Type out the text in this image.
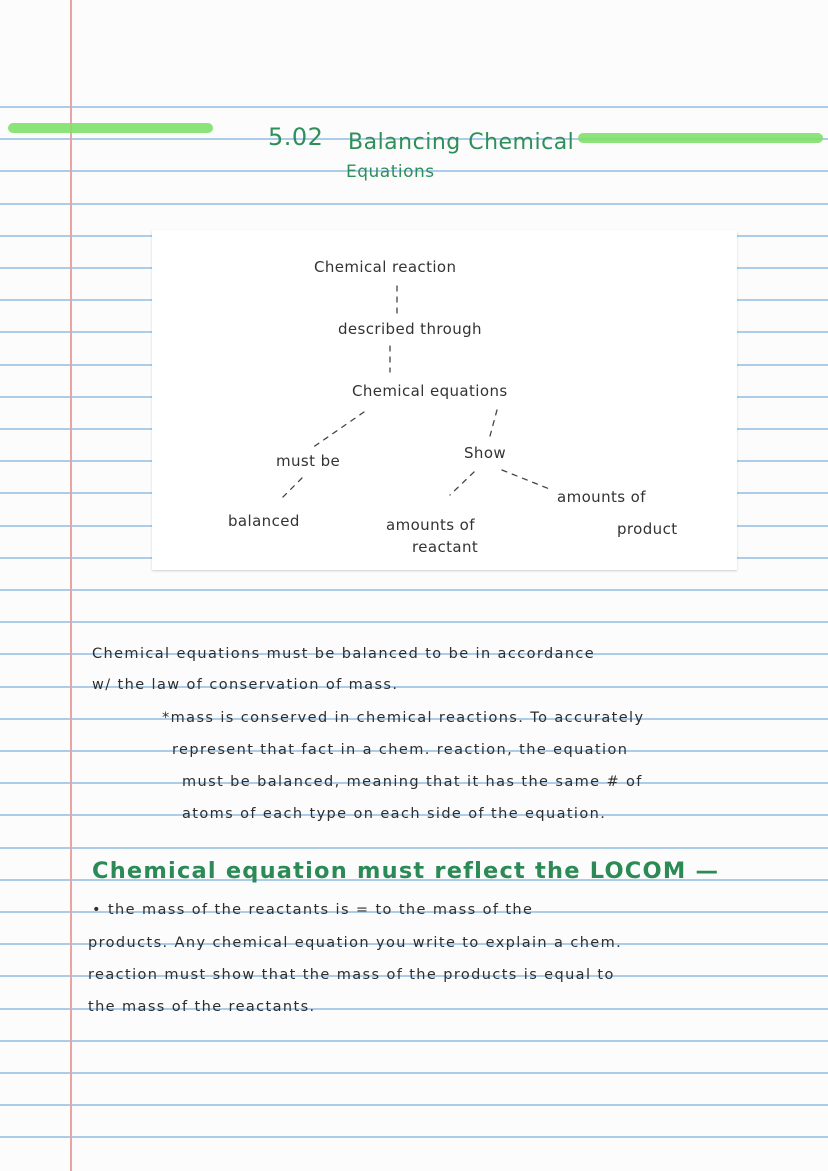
5.02 Balancing Chemical
Equations
Chemical reaction
described through
Chemical equations
must be	Show
balanced	amounts of
reactant
amounts of
product
Chemical equations must be balanced to be in accordance
w/ the law of conservation of mass.
*mass is conserved in chemical reactions. To accurately
represent that fact in a chem. reaction, the equation
must be balanced, meaning that it has the same # of
atoms of each type on each side of the equation.
Chemical equation must reflect the LOCOM —
• the mass of the reactants is = to the mass of the
products. Any chemical equation you write to explain a chem.
reaction must show that the mass of the products is equal to
the mass of the reactants.
